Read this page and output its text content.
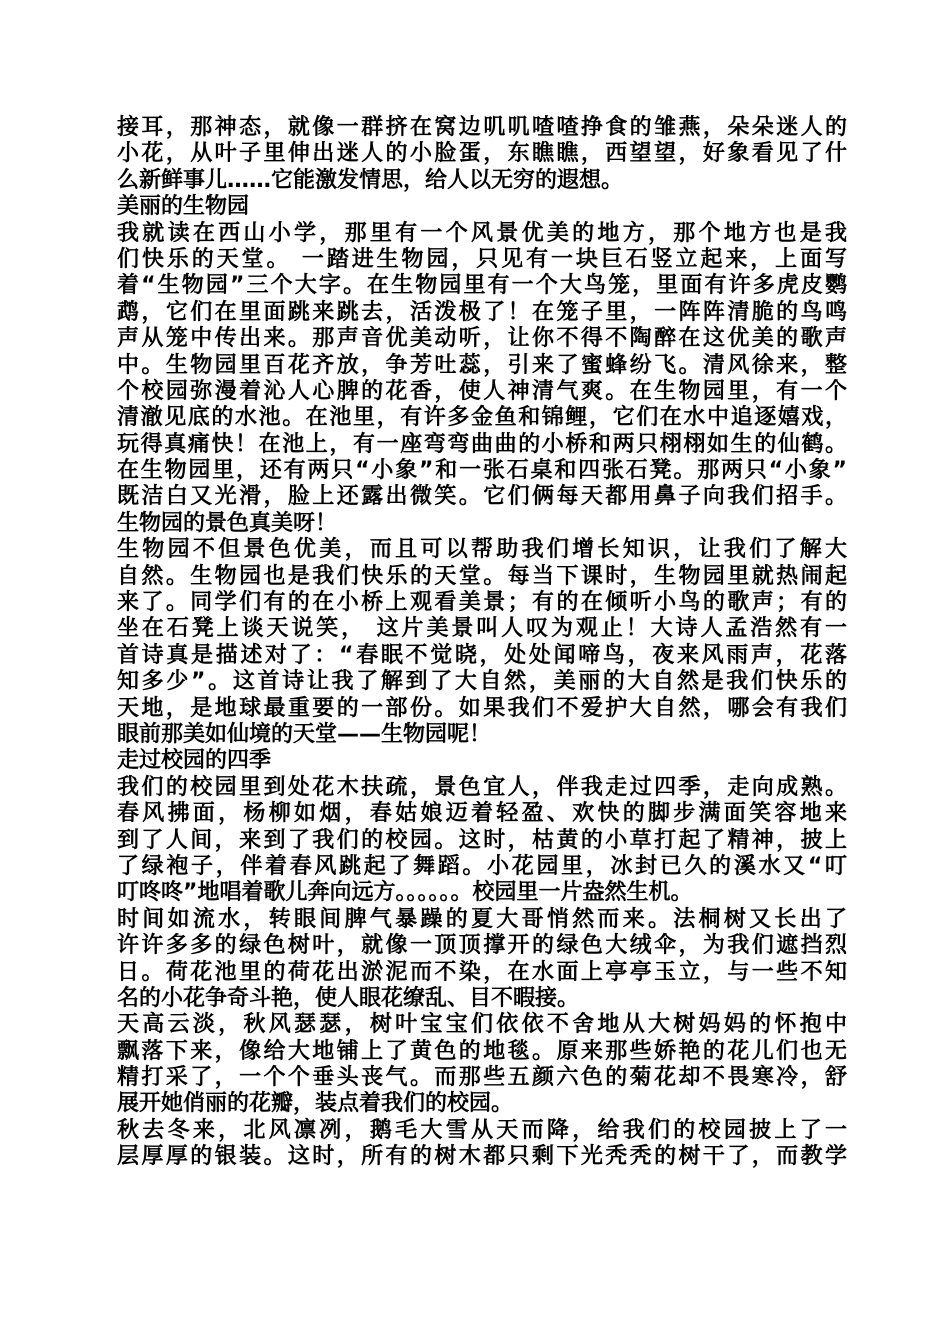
接耳，那神态，就像一群挤在窝边叽叽喳喳挣食的雏燕，朵朵迷人的
小花，从叶子里伸出迷人的小脸蛋，东瞧瞧，西望望，好象看见了什
么新鲜事儿……它能激发情思，给人以无穷的遐想。
美丽的生物园
我就读在西山小学，那里有一个风景优美的地方，那个地方也是我
们快乐的天堂。 一踏进生物园，只见有一块巨石竖立起来，上面写
着“生物园”三个大字。在生物园里有一个大鸟笼，里面有许多虎皮鹦
鹉，它们在里面跳来跳去，活泼极了！在笼子里，一阵阵清脆的鸟鸣
声从笼中传出来。那声音优美动听，让你不得不陶醉在这优美的歌声
中。生物园里百花齐放，争芳吐蕊，引来了蜜蜂纷飞。清风徐来，整
个校园弥漫着沁人心脾的花香，使人神清气爽。在生物园里，有一个
清澈见底的水池。在池里，有许多金鱼和锦鲤，它们在水中追逐嬉戏，
玩得真痛快！在池上，有一座弯弯曲曲的小桥和两只栩栩如生的仙鹤。
在生物园里，还有两只“小象”和一张石桌和四张石凳。那两只“小象”
既洁白又光滑，脸上还露出微笑。它们俩每天都用鼻子向我们招手。
生物园的景色真美呀！
生物园不但景色优美，而且可以帮助我们增长知识，让我们了解大
自然。生物园也是我们快乐的天堂。每当下课时，生物园里就热闹起
来了。同学们有的在小桥上观看美景；有的在倾听小鸟的歌声；有的
坐在石凳上谈天说笑， 这片美景叫人叹为观止！大诗人孟浩然有一
首诗真是描述对了：“春眠不觉晓，处处闻啼鸟，夜来风雨声，花落
知多少”。这首诗让我了解到了大自然，美丽的大自然是我们快乐的
天地，是地球最重要的一部份。如果我们不爱护大自然，哪会有我们
眼前那美如仙境的天堂——生物园呢！
走过校园的四季
我们的校园里到处花木扶疏，景色宜人，伴我走过四季，走向成熟。
春风拂面，杨柳如烟，春姑娘迈着轻盈、欢快的脚步满面笑容地来
到了人间，来到了我们的校园。这时，枯黄的小草打起了精神，披上
了绿袍子，伴着春风跳起了舞蹈。小花园里，冰封已久的溪水又“叮
叮咚咚”地唱着歌儿奔向远方。。。。。。校园里一片盎然生机。
时间如流水，转眼间脾气暴躁的夏大哥悄然而来。法桐树又长出了
许许多多的绿色树叶，就像一顶顶撑开的绿色大绒伞，为我们遮挡烈
日。荷花池里的荷花出淤泥而不染，在水面上亭亭玉立，与一些不知
名的小花争奇斗艳，使人眼花缭乱、目不暇接。
天高云淡，秋风瑟瑟，树叶宝宝们依依不舍地从大树妈妈的怀抱中
飘落下来，像给大地铺上了黄色的地毯。原来那些娇艳的花儿们也无
精打采了，一个个垂头丧气。而那些五颜六色的菊花却不畏寒冷，舒
展开她俏丽的花瓣，装点着我们的校园。
秋去冬来，北风凛冽，鹅毛大雪从天而降，给我们的校园披上了一
层厚厚的银装。这时，所有的树木都只剩下光秃秃的树干了，而教学
